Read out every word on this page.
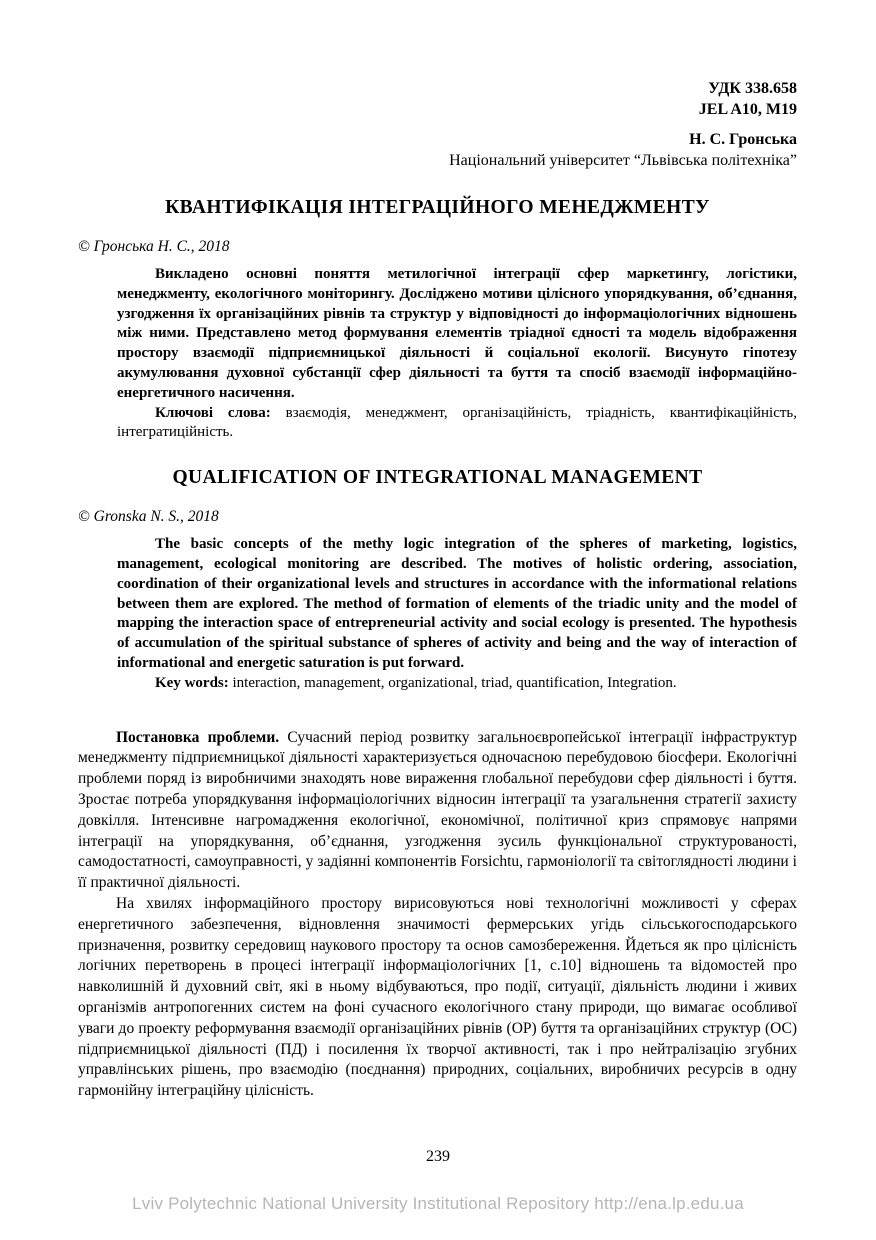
УДК 338.658
JEL A10, M19
Н. С. Гронська
Національний університет “Львівська політехніка”
КВАНТИФІКАЦІЯ ІНТЕГРАЦІЙНОГО МЕНЕДЖМЕНТУ
© Гронська Н. С., 2018

Викладено основні поняття метилогічної інтеграції сфер маркетингу, логістики, менеджменту, екологічного моніторингу. Досліджено мотиви цілісного упорядкування, об’єднання, узгодження їх організаційних рівнів та структур у відповідності до інформаціологічних відношень між ними. Представлено метод формування елементів тріадної єдності та модель відображення простору взаємодії підприємницької діяльності й соціальної екології. Висунуто гіпотезу акумулювання духовної субстанції сфер діяльності та буття та спосіб взаємодії інформаційно-енергетичного насичення.

Ключові слова: взаємодія, менеджмент, організаційність, тріадність, квантифікаційність, інтегратиційність.

QUALIFICATION OF INTEGRATIONAL MANAGEMENT
© Gronska N. S., 2018

The basic concepts of the methy logic integration of the spheres of marketing, logistics, management, ecological monitoring are described. The motives of holistic ordering, association, coordination of their organizational levels and structures in accordance with the informational relations between them are explored. The method of formation of elements of the triadic unity and the model of mapping the interaction space of entrepreneurial activity and social ecology is presented. The hypothesis of accumulation of the spiritual substance of spheres of activity and being and the way of interaction of informational and energetic saturation is put forward.

Key words: interaction, management, organizational, triad, quantification, Integration.

Постановка проблеми. Сучасний період розвитку загальноєвропейської інтеграції інфраструктур менеджменту підприємницької діяльності характеризується одночасною перебудовою біосфери. Екологічні проблеми поряд із виробничими знаходять нове вираження глобальної перебудови сфер діяльності і буття. Зростає потреба упорядкування інформаціологічних відносин інтеграції та узагальнення стратегії захисту довкілля. Інтенсивне нагромадження екологічної, економічної, політичної криз спрямовує напрями інтеграції на упорядкування, об’єднання, узгодження зусиль функціональної структурованості, самодостатності, самоуправності, у задіянні компонентів Forsichtu, гармоніології та світоглядності людини і її практичної діяльності.

На хвилях інформаційного простору вирисовуються нові технологічні можливості у сферах енергетичного забезпечення, відновлення значимості фермерських угідь сільськогосподарського призначення, розвитку середовищ наукового простору та основ самозбереження. Йдеться як про цілісність логічних перетворень в процесі інтеграції інформаціологічних [1, с.10] відношень та відомостей про навколишній й духовний світ, які в ньому відбуваються, про події, ситуації, діяльність людини і живих організмів антропогенних систем на фоні сучасного екологічного стану природи, що вимагає особливої уваги до проекту реформування взаємодії організаційних рівнів (ОР) буття та організаційних структур (ОС) підприємницької діяльності (ПД) і посилення їх творчої активності, так і про нейтралізацію згубних управлінських рішень, про взаємодію (поєднання) природних, соціальних, виробничих ресурсів в одну гармонійну інтеграційну цілісність.

239
Lviv Polytechnic National University Institutional Repository http://ena.lp.edu.ua
